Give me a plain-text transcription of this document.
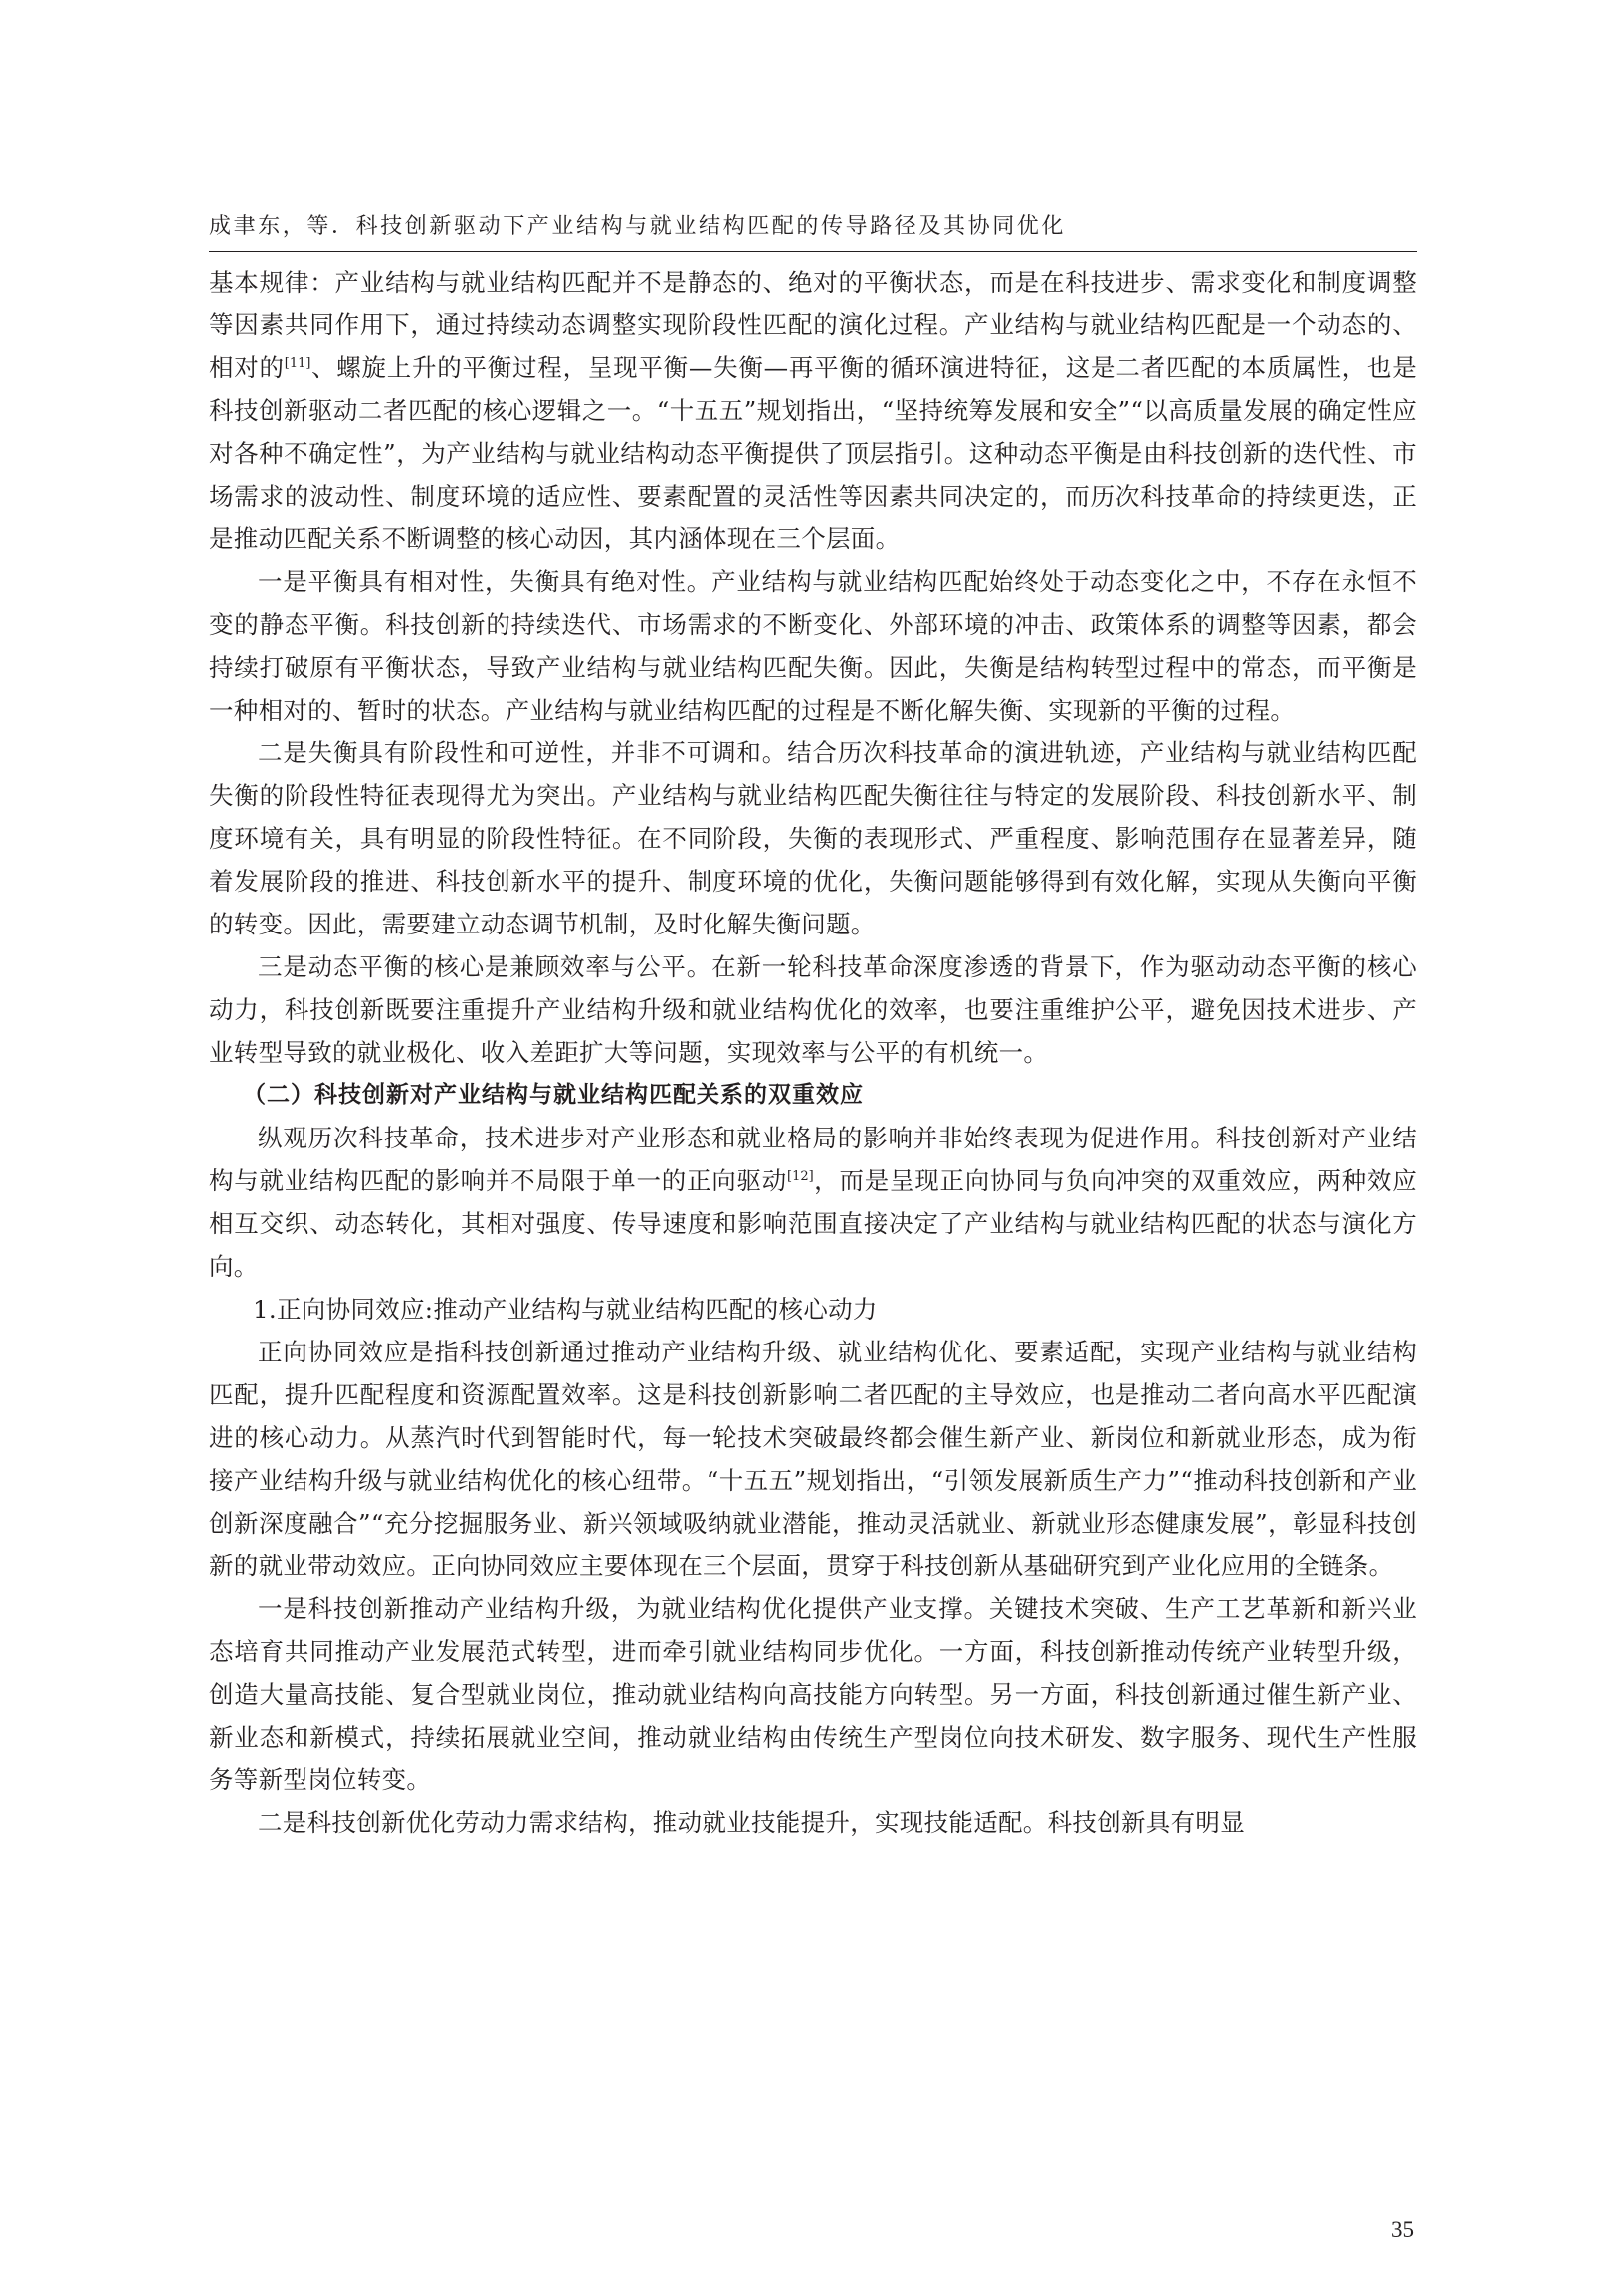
成聿东，等．科技创新驱动下产业结构与就业结构匹配的传导路径及其协同优化

基本规律：产业结构与就业结构匹配并不是静态的、绝对的平衡状态，而是在科技进步、需求变化和制度调整等因素共同作用下，通过持续动态调整实现阶段性匹配的演化过程。产业结构与就业结构匹配是一个动态的、相对的[11]、螺旋上升的平衡过程，呈现平衡—失衡—再平衡的循环演进特征，这是二者匹配的本质属性，也是科技创新驱动二者匹配的核心逻辑之一。“十五五”规划指出，“坚持统筹发展和安全”“以高质量发展的确定性应对各种不确定性”，为产业结构与就业结构动态平衡提供了顶层指引。这种动态平衡是由科技创新的迭代性、市场需求的波动性、制度环境的适应性、要素配置的灵活性等因素共同决定的，而历次科技革命的持续更迭，正是推动匹配关系不断调整的核心动因，其内涵体现在三个层面。

一是平衡具有相对性，失衡具有绝对性。产业结构与就业结构匹配始终处于动态变化之中，不存在永恒不变的静态平衡。科技创新的持续迭代、市场需求的不断变化、外部环境的冲击、政策体系的调整等因素，都会持续打破原有平衡状态，导致产业结构与就业结构匹配失衡。因此，失衡是结构转型过程中的常态，而平衡是一种相对的、暂时的状态。产业结构与就业结构匹配的过程是不断化解失衡、实现新的平衡的过程。

二是失衡具有阶段性和可逆性，并非不可调和。结合历次科技革命的演进轨迹，产业结构与就业结构匹配失衡的阶段性特征表现得尤为突出。产业结构与就业结构匹配失衡往往与特定的发展阶段、科技创新水平、制度环境有关，具有明显的阶段性特征。在不同阶段，失衡的表现形式、严重程度、影响范围存在显著差异，随着发展阶段的推进、科技创新水平的提升、制度环境的优化，失衡问题能够得到有效化解，实现从失衡向平衡的转变。因此，需要建立动态调节机制，及时化解失衡问题。

三是动态平衡的核心是兼顾效率与公平。在新一轮科技革命深度渗透的背景下，作为驱动动态平衡的核心动力，科技创新既要注重提升产业结构升级和就业结构优化的效率，也要注重维护公平，避免因技术进步、产业转型导致的就业极化、收入差距扩大等问题，实现效率与公平的有机统一。

（二）科技创新对产业结构与就业结构匹配关系的双重效应

纵观历次科技革命，技术进步对产业形态和就业格局的影响并非始终表现为促进作用。科技创新对产业结构与就业结构匹配的影响并不局限于单一的正向驱动[12]，而是呈现正向协同与负向冲突的双重效应，两种效应相互交织、动态转化，其相对强度、传导速度和影响范围直接决定了产业结构与就业结构匹配的状态与演化方向。

1.正向协同效应:推动产业结构与就业结构匹配的核心动力

正向协同效应是指科技创新通过推动产业结构升级、就业结构优化、要素适配，实现产业结构与就业结构匹配，提升匹配程度和资源配置效率。这是科技创新影响二者匹配的主导效应，也是推动二者向高水平匹配演进的核心动力。从蒸汽时代到智能时代，每一轮技术突破最终都会催生新产业、新岗位和新就业形态，成为衔接产业结构升级与就业结构优化的核心纽带。“十五五”规划指出，“引领发展新质生产力”“推动科技创新和产业创新深度融合”“充分挖掘服务业、新兴领域吸纳就业潜能，推动灵活就业、新就业形态健康发展”，彰显科技创新的就业带动效应。正向协同效应主要体现在三个层面，贯穿于科技创新从基础研究到产业化应用的全链条。

一是科技创新推动产业结构升级，为就业结构优化提供产业支撑。关键技术突破、生产工艺革新和新兴业态培育共同推动产业发展范式转型，进而牵引就业结构同步优化。一方面，科技创新推动传统产业转型升级，创造大量高技能、复合型就业岗位，推动就业结构向高技能方向转型。另一方面，科技创新通过催生新产业、新业态和新模式，持续拓展就业空间，推动就业结构由传统生产型岗位向技术研发、数字服务、现代生产性服务等新型岗位转变。

二是科技创新优化劳动力需求结构，推动就业技能提升，实现技能适配。科技创新具有明显

35
